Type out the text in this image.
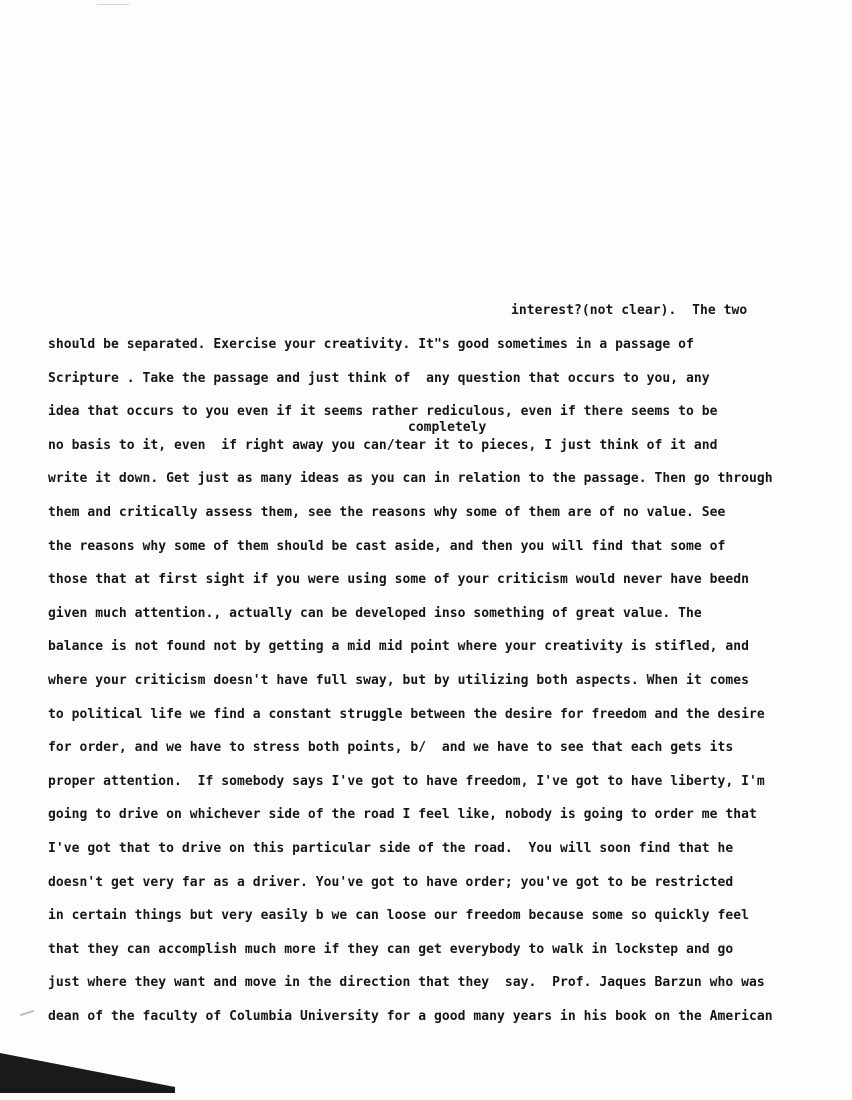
interest?(not clear).  The two
completely
should be separated. Exercise your creativity. It"s good sometimes in a passage of
Scripture . Take the passage and just think of  any question that occurs to you, any
idea that occurs to you even if it seems rather rediculous, even if there seems to be
no basis to it, even  if right away you can/tear it to pieces, I just think of it and
write it down. Get just as many ideas as you can in relation to the passage. Then go through
them and critically assess them, see the reasons why some of them are of no value. See
the reasons why some of them should be cast aside, and then you will find that some of
those that at first sight if you were using some of your criticism would never have beedn
given much attention., actually can be developed inso something of great value. The
balance is not found not by getting a mid mid point where your creativity is stifled, and
where your criticism doesn't have full sway, but by utilizing both aspects. When it comes
to political life we find a constant struggle between the desire for freedom and the desire
for order, and we have to stress both points, b/  and we have to see that each gets its
proper attention.  If somebody says I've got to have freedom, I've got to have liberty, I'm
going to drive on whichever side of the road I feel like, nobody is going to order me that
I've got that to drive on this particular side of the road.  You will soon find that he
doesn't get very far as a driver. You've got to have order; you've got to be restricted
in certain things but very easily b we can loose our freedom because some so quickly feel
that they can accomplish much more if they can get everybody to walk in lockstep and go
just where they want and move in the direction that they  say.  Prof. Jaques Barzun who was
dean of the faculty of Columbia University for a good many years in his book on the American
